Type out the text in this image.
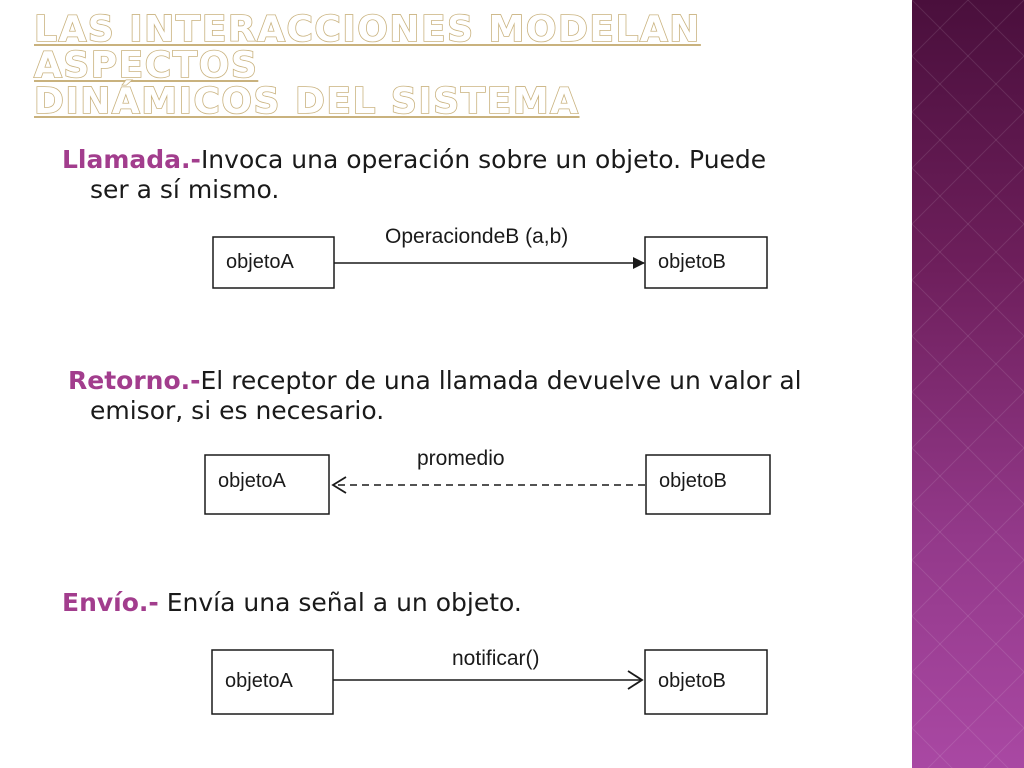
LAS INTERACCIONES MODELAN ASPECTOS
DINÁMICOS DEL SISTEMA

Llamada.-Invoca una operación sobre un objeto. Puede
ser a sí mismo.

Retorno.-El receptor de una llamada devuelve un valor al
emisor, si es necesario.

Envío.- Envía una señal a un objeto.

objetoA	objetoB
OperaciondeB (a,b)
objetoA	objetoB
promedio
objetoA	objetoB
notificar()
